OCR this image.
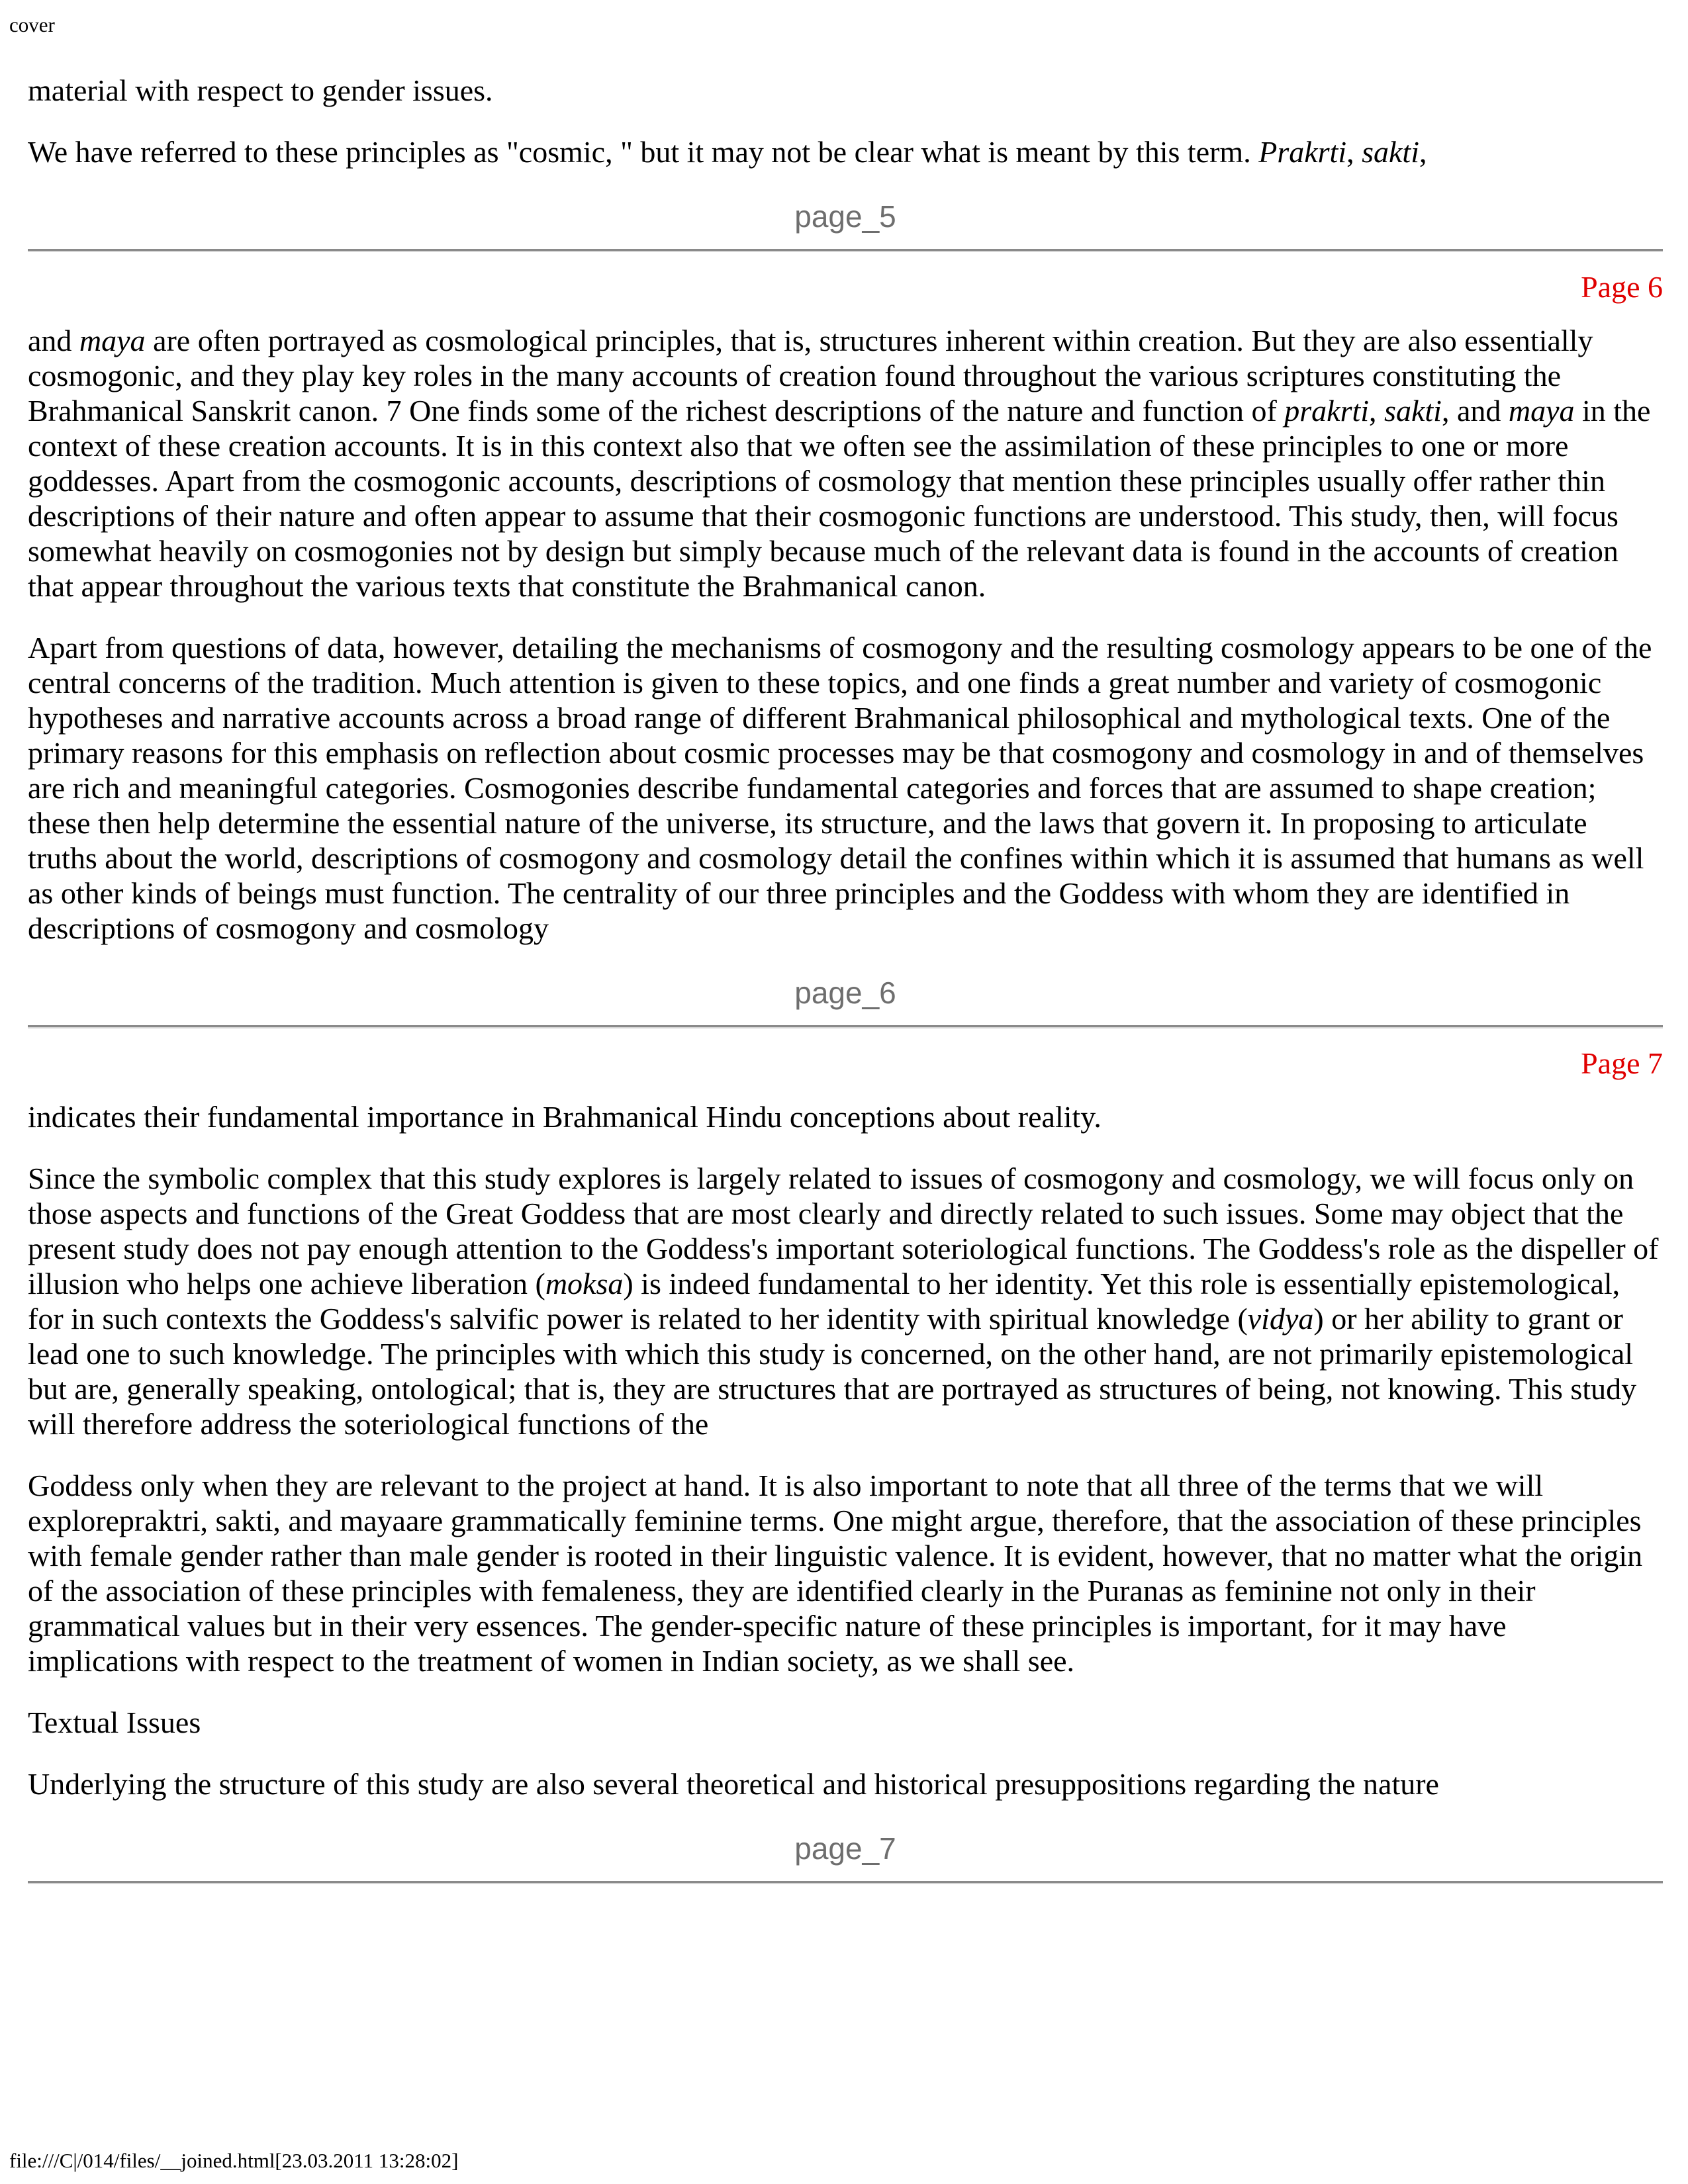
cover

material with respect to gender issues.

We have referred to these principles as "cosmic, " but it may not be clear what is meant by this term. Prakrti, sakti,

page_5
Page 6

and maya are often portrayed as cosmological principles, that is, structures inherent within creation. But they are also essentially cosmogonic, and they play key roles in the many accounts of creation found throughout the various scriptures constituting the Brahmanical Sanskrit canon. 7 One finds some of the richest descriptions of the nature and function of prakrti, sakti, and maya in the context of these creation accounts. It is in this context also that we often see the assimilation of these principles to one or more goddesses. Apart from the cosmogonic accounts, descriptions of cosmology that mention these principles usually offer rather thin descriptions of their nature and often appear to assume that their cosmogonic functions are understood. This study, then, will focus somewhat heavily on cosmogonies not by design but simply because much of the relevant data is found in the accounts of creation that appear throughout the various texts that constitute the Brahmanical canon.

Apart from questions of data, however, detailing the mechanisms of cosmogony and the resulting cosmology appears to be one of the central concerns of the tradition. Much attention is given to these topics, and one finds a great number and variety of cosmogonic hypotheses and narrative accounts across a broad range of different Brahmanical philosophical and mythological texts. One of the primary reasons for this emphasis on reflection about cosmic processes may be that cosmogony and cosmology in and of themselves are rich and meaningful categories. Cosmogonies describe fundamental categories and forces that are assumed to shape creation; these then help determine the essential nature of the universe, its structure, and the laws that govern it. In proposing to articulate truths about the world, descriptions of cosmogony and cosmology detail the confines within which it is assumed that humans as well as other kinds of beings must function. The centrality of our three principles and the Goddess with whom they are identified in descriptions of cosmogony and cosmology

page_6
Page 7

indicates their fundamental importance in Brahmanical Hindu conceptions about reality.

Since the symbolic complex that this study explores is largely related to issues of cosmogony and cosmology, we will focus only on those aspects and functions of the Great Goddess that are most clearly and directly related to such issues. Some may object that the present study does not pay enough attention to the Goddess's important soteriological functions. The Goddess's role as the dispeller of illusion who helps one achieve liberation (moksa) is indeed fundamental to her identity. Yet this role is essentially epistemological, for in such contexts the Goddess's salvific power is related to her identity with spiritual knowledge (vidya) or her ability to grant or lead one to such knowledge. The principles with which this study is concerned, on the other hand, are not primarily epistemological but are, generally speaking, ontological; that is, they are structures that are portrayed as structures of being, not knowing. This study will therefore address the soteriological functions of the

Goddess only when they are relevant to the project at hand. It is also important to note that all three of the terms that we will explorepraktri, sakti, and mayaare grammatically feminine terms. One might argue, therefore, that the association of these principles with female gender rather than male gender is rooted in their linguistic valence. It is evident, however, that no matter what the origin of the association of these principles with femaleness, they are identified clearly in the Puranas as feminine not only in their grammatical values but in their very essences. The gender-specific nature of these principles is important, for it may have implications with respect to the treatment of women in Indian society, as we shall see.

Textual Issues

Underlying the structure of this study are also several theoretical and historical presuppositions regarding the nature

page_7
file:///C|/014/files/__joined.html[23.03.2011 13:28:02]
